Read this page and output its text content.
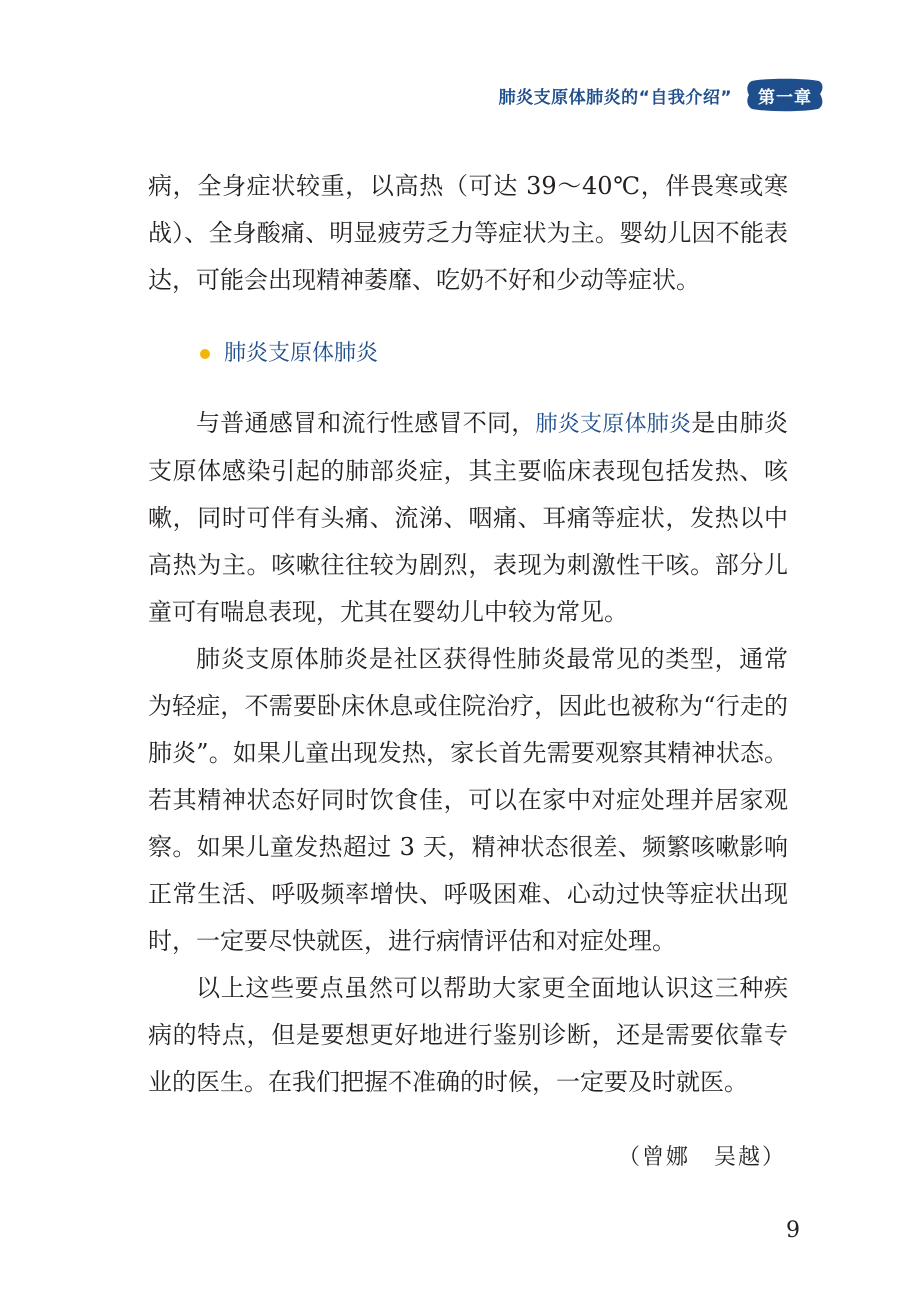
肺炎支原体肺炎的“自我介绍” 第一章

病，全身症状较重，以高热（可达 39～40℃，伴畏寒或寒战）、全身酸痛、明显疲劳乏力等症状为主。婴幼儿因不能表达，可能会出现精神萎靡、吃奶不好和少动等症状。

肺炎支原体肺炎

与普通感冒和流行性感冒不同，肺炎支原体肺炎是由肺炎支原体感染引起的肺部炎症，其主要临床表现包括发热、咳嗽，同时可伴有头痛、流涕、咽痛、耳痛等症状，发热以中高热为主。咳嗽往往较为剧烈，表现为刺激性干咳。部分儿童可有喘息表现，尤其在婴幼儿中较为常见。

肺炎支原体肺炎是社区获得性肺炎最常见的类型，通常为轻症，不需要卧床休息或住院治疗，因此也被称为“行走的肺炎”。如果儿童出现发热，家长首先需要观察其精神状态。若其精神状态好同时饮食佳，可以在家中对症处理并居家观察。如果儿童发热超过 3 天，精神状态很差、频繁咳嗽影响正常生活、呼吸频率增快、呼吸困难、心动过快等症状出现时，一定要尽快就医，进行病情评估和对症处理。

以上这些要点虽然可以帮助大家更全面地认识这三种疾病的特点，但是要想更好地进行鉴别诊断，还是需要依靠专业的医生。在我们把握不准确的时候，一定要及时就医。

（曾娜　吴越）
9
